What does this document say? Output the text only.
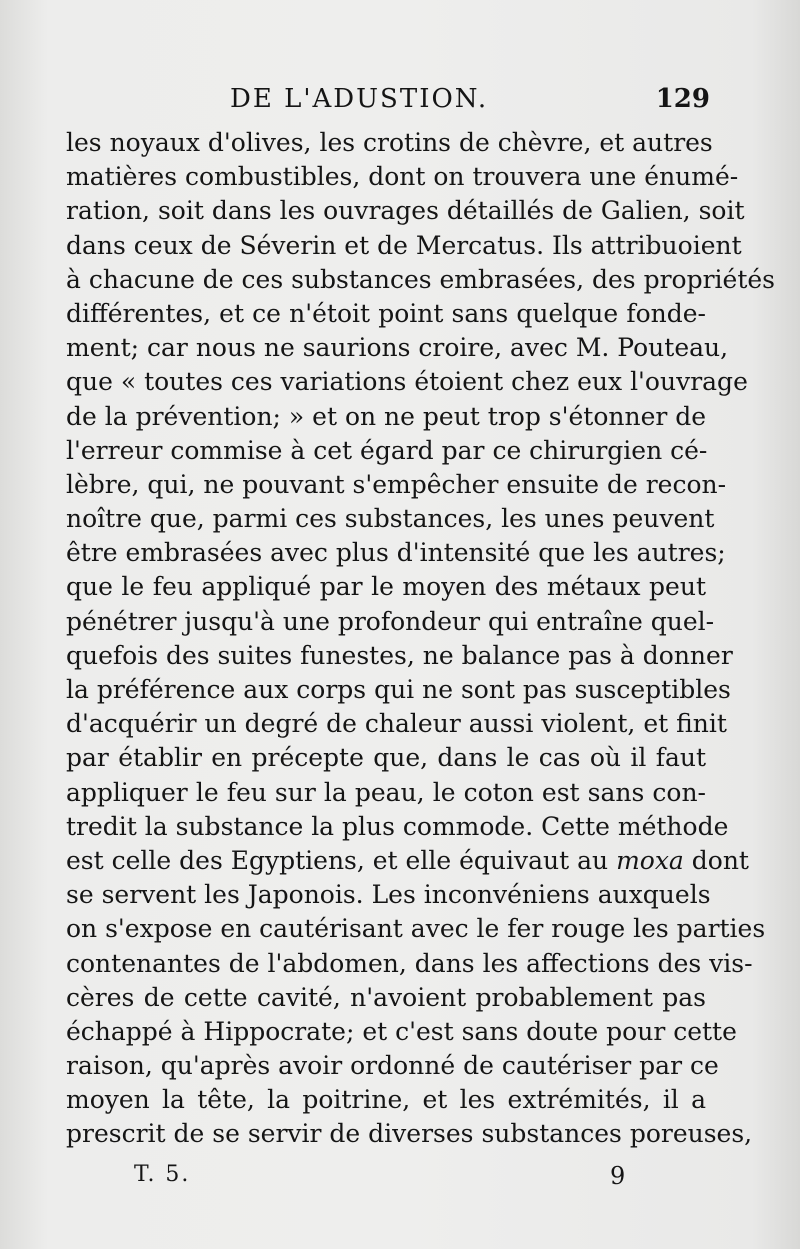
DE L'ADUSTION.	129
les noyaux d'olives, les crotins de chèvre, et autres
matières combustibles, dont on trouvera une énumé-
ration, soit dans les ouvrages détaillés de Galien, soit
dans ceux de Séverin et de Mercatus. Ils attribuoient
à chacune de ces substances embrasées, des propriétés
différentes, et ce n'étoit point sans quelque fonde-
ment; car nous ne saurions croire, avec M. Pouteau,
que « toutes ces variations étoient chez eux l'ouvrage
de la prévention; » et on ne peut trop s'étonner de
l'erreur commise à cet égard par ce chirurgien cé-
lèbre, qui, ne pouvant s'empêcher ensuite de recon-
noître que, parmi ces substances, les unes peuvent
être embrasées avec plus d'intensité que les autres;
que le feu appliqué par le moyen des métaux peut
pénétrer jusqu'à une profondeur qui entraîne quel-
quefois des suites funestes, ne balance pas à donner
la préférence aux corps qui ne sont pas susceptibles
d'acquérir un degré de chaleur aussi violent, et finit
par établir en précepte que, dans le cas où il faut
appliquer le feu sur la peau, le coton est sans con-
tredit la substance la plus commode. Cette méthode
est celle des Egyptiens, et elle équivaut au moxa dont
se servent les Japonois. Les inconvéniens auxquels
on s'expose en cautérisant avec le fer rouge les parties
contenantes de l'abdomen, dans les affections des vis-
cères de cette cavité, n'avoient probablement pas
échappé à Hippocrate; et c'est sans doute pour cette
raison, qu'après avoir ordonné de cautériser par ce
moyen la tête, la poitrine, et les extrémités, il a
prescrit de se servir de diverses substances poreuses,
T. 5.	9
